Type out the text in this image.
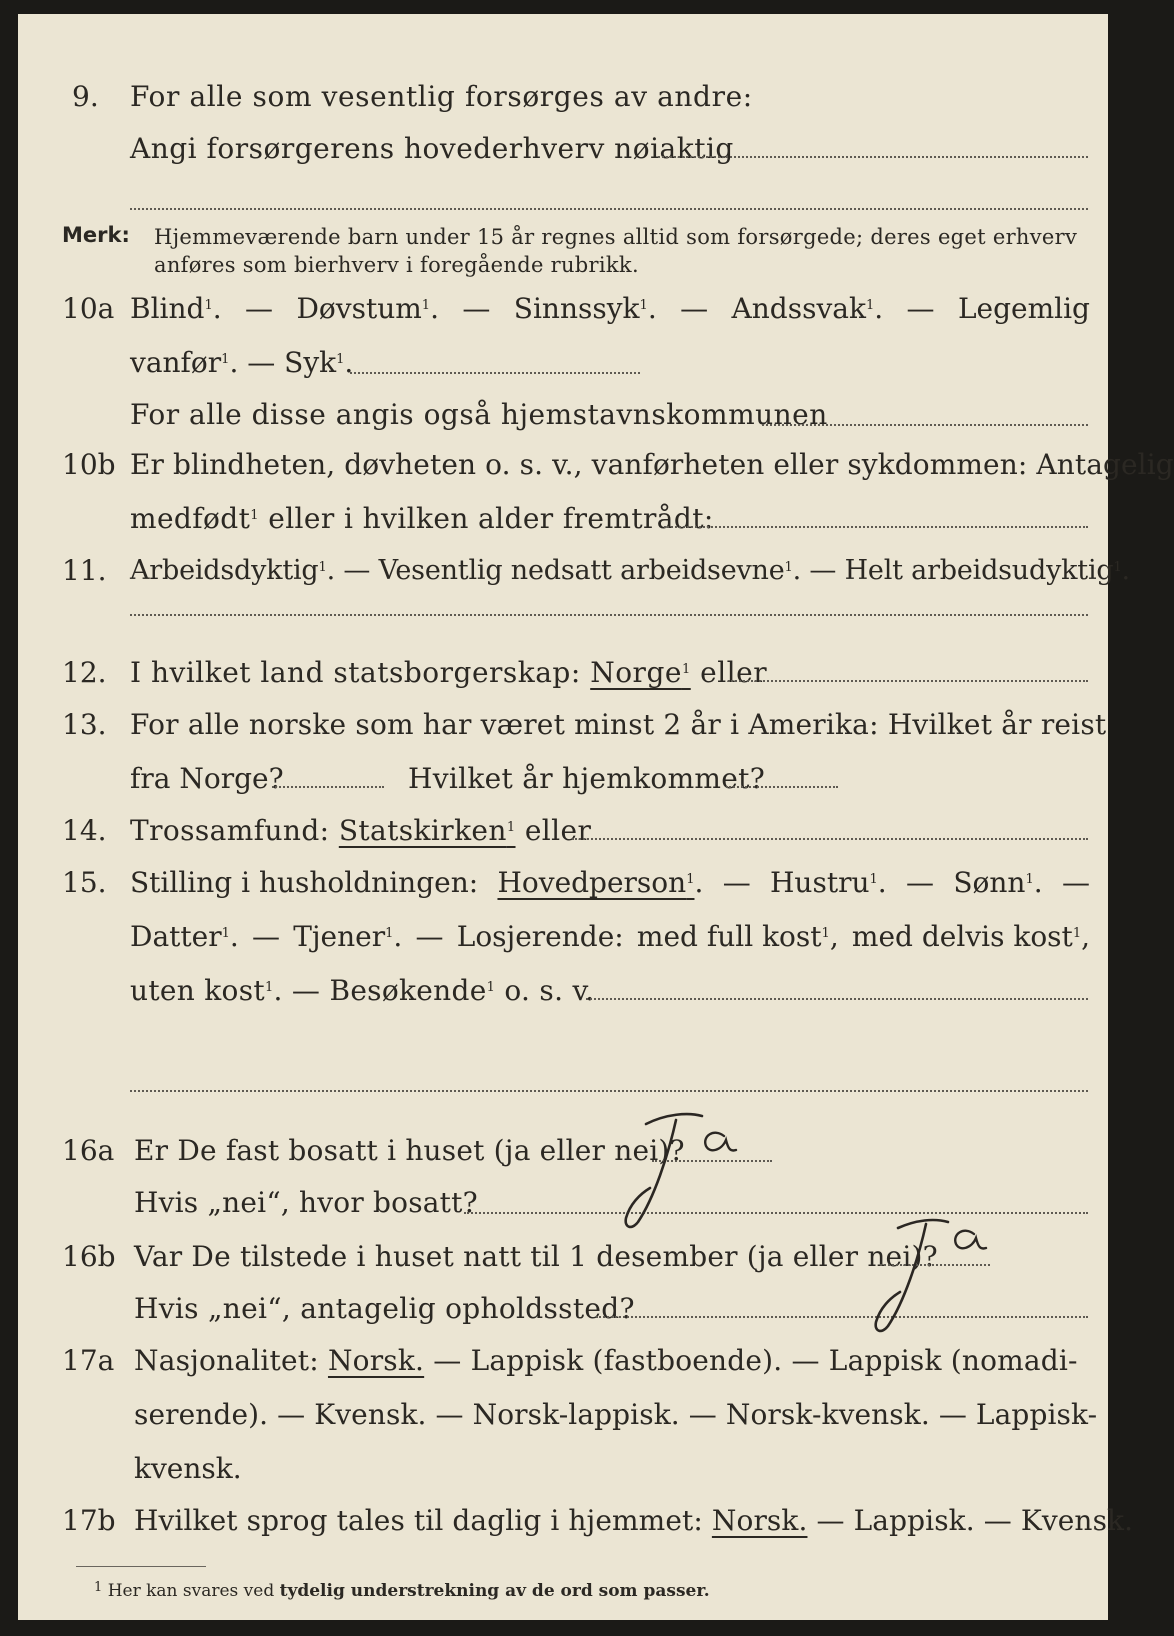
9. For alle som vesentlig forsørges av andre:
Angi forsørgerens hovederhverv nøiaktig
Merk: Hjemmeværende barn under 15 år regnes alltid som forsørgede; deres eget erhverv
anføres som bierhverv i foregående rubrikk.
10a Blind$^1$. — Døvstum$^1$. — Sinnssyk$^1$. — Andssvak$^1$. — Legemlig
vanfør$^1$. — Syk$^1$.
For alle disse angis også hjemstavnskommunen
10b Er blindheten, døvheten o. s. v., vanførheten eller sykdommen: Antagelig
medfødt$^1$ eller i hvilken alder fremtrådt:
11. Arbeidsdyktig$^1$. — Vesentlig nedsatt arbeidsevne$^1$. — Helt arbeidsudyktig$^1$.
12. I hvilket land statsborgerskap: Norge$^1$ eller
13. For alle norske som har været minst 2 år i Amerika: Hvilket år reist
fra Norge?	Hvilket år hjemkommet?
14. Trossamfund: Statskirken$^1$ eller
15. Stilling i husholdningen: Hovedperson$^1$. — Hustru$^1$. — Sønn$^1$. —
Datter$^1$. — Tjener$^1$. — Losjerende: med full kost$^1$, med delvis kost$^1$,
uten kost$^1$. — Besøkende$^1$ o. s. v.
16a Er De fast bosatt i huset (ja eller nei)?
Hvis „nei“, hvor bosatt?
16b Var De tilstede i huset natt til 1 desember (ja eller nei)?
Hvis „nei“, antagelig opholdssted?
17a Nasjonalitet: Norsk. — Lappisk (fastboende). — Lappisk (nomadi-
serende). — Kvensk. — Norsk-lappisk. — Norsk-kvensk. — Lappisk-
kvensk.
17b Hvilket sprog tales til daglig i hjemmet: Norsk. — Lappisk. — Kvensk.
$^1$ Her kan svares ved tydelig understrekning av de ord som passer.
